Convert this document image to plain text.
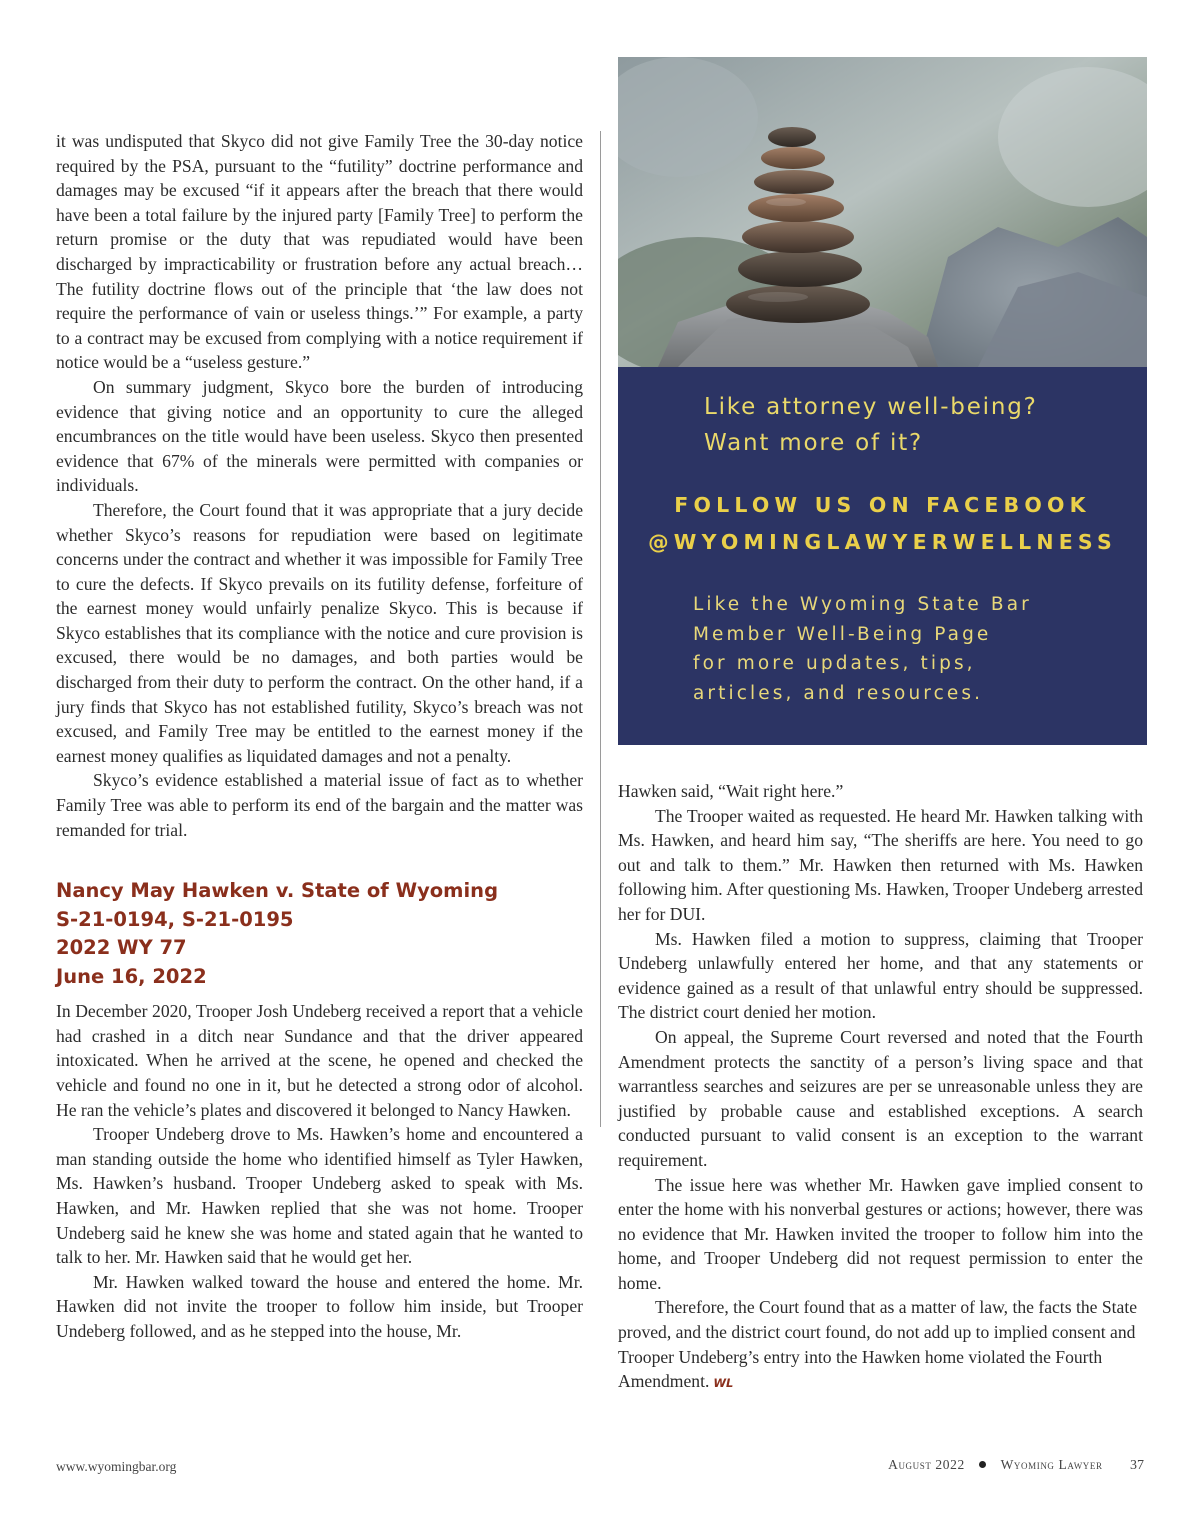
it was undisputed that Skyco did not give Family Tree the 30-day notice required by the PSA, pursuant to the “futility” doctrine performance and damages may be excused “if it appears after the breach that there would have been a total failure by the injured party [Family Tree] to perform the return promise or the duty that was repudiated would have been discharged by impracticability or frustration before any actual breach…The futility doctrine flows out of the principle that ‘the law does not require the performance of vain or useless things.’” For example, a party to a contract may be excused from complying with a notice requirement if notice would be a “useless gesture.”

On summary judgment, Skyco bore the burden of introducing evidence that giving notice and an opportunity to cure the alleged encumbrances on the title would have been useless. Skyco then presented evidence that 67% of the minerals were permitted with companies or individuals.

Therefore, the Court found that it was appropriate that a jury decide whether Skyco’s reasons for repudiation were based on legitimate concerns under the contract and whether it was impossible for Family Tree to cure the defects. If Skyco prevails on its futility defense, forfeiture of the earnest money would unfairly penalize Skyco. This is because if Skyco establishes that its compliance with the notice and cure provision is excused, there would be no damages, and both parties would be discharged from their duty to perform the contract. On the other hand, if a jury finds that Skyco has not established futility, Skyco’s breach was not excused, and Family Tree may be entitled to the earnest money if the earnest money qualifies as liquidated damages and not a penalty.

Skyco’s evidence established a material issue of fact as to whether Family Tree was able to perform its end of the bargain and the matter was remanded for trial.

Nancy May Hawken v. State of Wyoming
S-21-0194, S-21-0195
2022 WY 77
June 16, 2022

In December 2020, Trooper Josh Undeberg received a report that a vehicle had crashed in a ditch near Sundance and that the driver appeared intoxicated. When he arrived at the scene, he opened and checked the vehicle and found no one in it, but he detected a strong odor of alcohol. He ran the vehicle’s plates and discovered it belonged to Nancy Hawken.

Trooper Undeberg drove to Ms. Hawken’s home and encountered a man standing outside the home who identified himself as Tyler Hawken, Ms. Hawken’s husband. Trooper Undeberg asked to speak with Ms. Hawken, and Mr. Hawken replied that she was not home. Trooper Undeberg said he knew she was home and stated again that he wanted to talk to her. Mr. Hawken said that he would get her.

Mr. Hawken walked toward the house and entered the home. Mr. Hawken did not invite the trooper to follow him inside, but Trooper Undeberg followed, and as he stepped into the house, Mr.

Like attorney well-being?
Want more of it?
FOLLOW US ON FACEBOOK
@WYOMINGLAWYERWELLNESS
Like the Wyoming State Bar
Member Well-Being Page
for more updates, tips,
articles, and resources.

Hawken said, “Wait right here.”

The Trooper waited as requested. He heard Mr. Hawken talking with Ms. Hawken, and heard him say, “The sheriffs are here. You need to go out and talk to them.” Mr. Hawken then returned with Ms. Hawken following him. After questioning Ms. Hawken, Trooper Undeberg arrested her for DUI.

Ms. Hawken filed a motion to suppress, claiming that Trooper Undeberg unlawfully entered her home, and that any statements or evidence gained as a result of that unlawful entry should be suppressed. The district court denied her motion.

On appeal, the Supreme Court reversed and noted that the Fourth Amendment protects the sanctity of a person’s living space and that warrantless searches and seizures are per se unreasonable unless they are justified by probable cause and established exceptions. A search conducted pursuant to valid consent is an exception to the warrant requirement.

The issue here was whether Mr. Hawken gave implied consent to enter the home with his nonverbal gestures or actions; however, there was no evidence that Mr. Hawken invited the trooper to follow him into the home, and Trooper Undeberg did not request permission to enter the home.

Therefore, the Court found that as a matter of law, the facts the State proved, and the district court found, do not add up to implied consent and Trooper Undeberg’s entry into the Hawken home violated the Fourth Amendment. WL

www.wyomingbar.org	August 2022	Wyoming Lawyer 37
